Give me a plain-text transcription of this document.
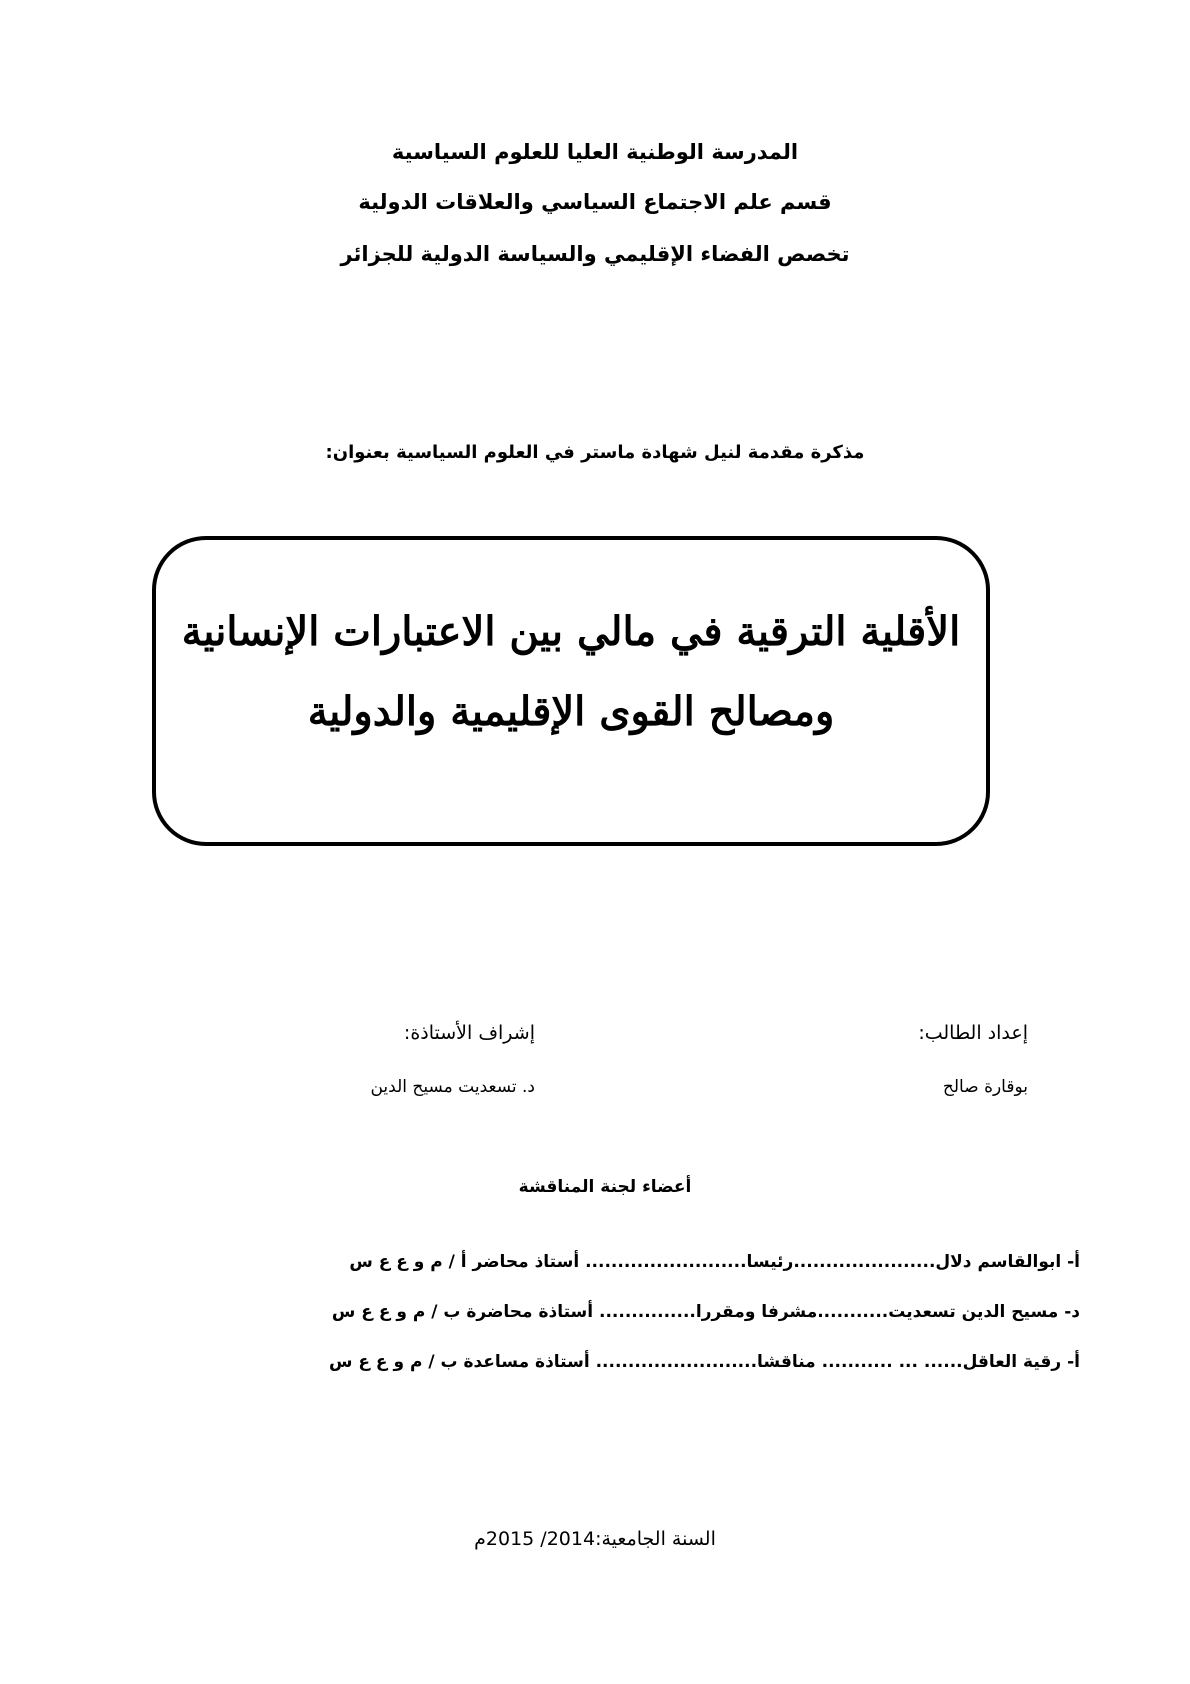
المدرسة الوطنية العليا للعلوم السياسية
قسم علم الاجتماع السياسي والعلاقات الدولية
تخصص الفضاء الإقليمي والسياسة الدولية للجزائر
مذكرة مقدمة لنيل شهادة ماستر في العلوم السياسية بعنوان:
الأقلية الترقية في مالي بين الاعتبارات الإنسانية
ومصالح القوى الإقليمية والدولية
إعداد الطالب:
بوقارة صالح
إشراف الأستاذة:
د. تسعديت مسيح الدين
أعضاء لجنة المناقشة
أ- ابوالقاسم دلال......................رئيسا......................... أستاذ محاضر أ / م و ع ع س
د- مسيح الدين تسعديت...........مشرفا ومقررا............... أستاذة محاضرة ب / م و ع ع س
أ- رقية العاقل...... ... ........... مناقشا......................... أستاذة مساعدة ب / م و ع ع س
السنة الجامعية:2014/ 2015م
